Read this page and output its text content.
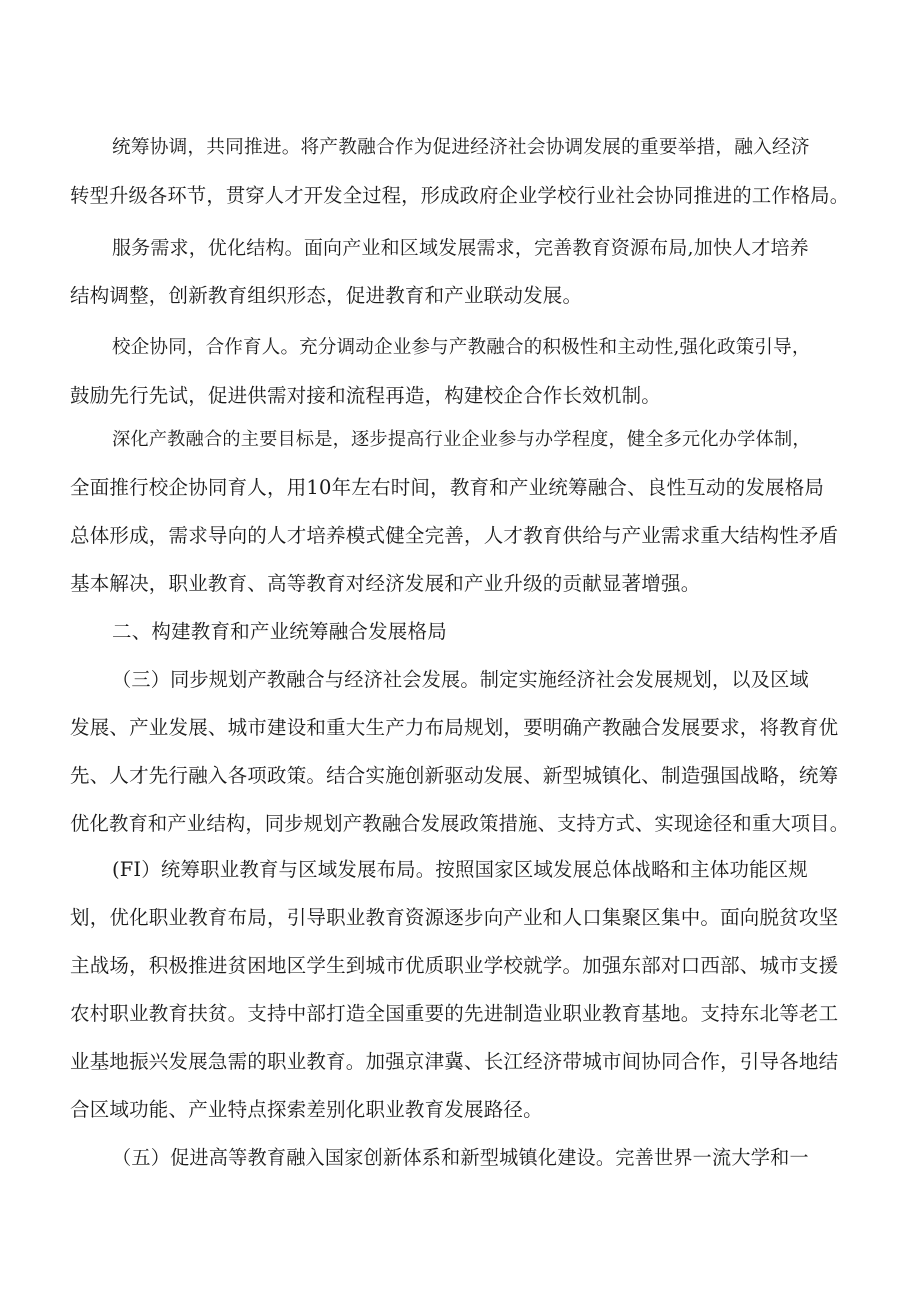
统筹协调，共同推进。将产教融合作为促进经济社会协调发展的重要举措，融入经济
转型升级各环节，贯穿人才开发全过程，形成政府企业学校行业社会协同推进的工作格局。

服务需求，优化结构。面向产业和区域发展需求，完善教育资源布局,加快人才培养
结构调整，创新教育组织形态，促进教育和产业联动发展。

校企协同，合作育人。充分调动企业参与产教融合的积极性和主动性,强化政策引导，
鼓励先行先试，促进供需对接和流程再造，构建校企合作长效机制。

深化产教融合的主要目标是，逐步提高行业企业参与办学程度，健全多元化办学体制，
全面推行校企协同育人，用10年左右时间，教育和产业统筹融合、良性互动的发展格局
总体形成，需求导向的人才培养模式健全完善，人才教育供给与产业需求重大结构性矛盾
基本解决，职业教育、高等教育对经济发展和产业升级的贡献显著增强。

二、构建教育和产业统筹融合发展格局

（三）同步规划产教融合与经济社会发展。制定实施经济社会发展规划，以及区域
发展、产业发展、城市建设和重大生产力布局规划，要明确产教融合发展要求，将教育优
先、人才先行融入各项政策。结合实施创新驱动发展、新型城镇化、制造强国战略，统筹
优化教育和产业结构，同步规划产教融合发展政策措施、支持方式、实现途径和重大项目。

(FI）统筹职业教育与区域发展布局。按照国家区域发展总体战略和主体功能区规
划，优化职业教育布局，引导职业教育资源逐步向产业和人口集聚区集中。面向脱贫攻坚
主战场，积极推进贫困地区学生到城市优质职业学校就学。加强东部对口西部、城市支援
农村职业教育扶贫。支持中部打造全国重要的先进制造业职业教育基地。支持东北等老工
业基地振兴发展急需的职业教育。加强京津冀、长江经济带城市间协同合作，引导各地结
合区域功能、产业特点探索差别化职业教育发展路径。

（五）促进高等教育融入国家创新体系和新型城镇化建设。完善世界一流大学和一
